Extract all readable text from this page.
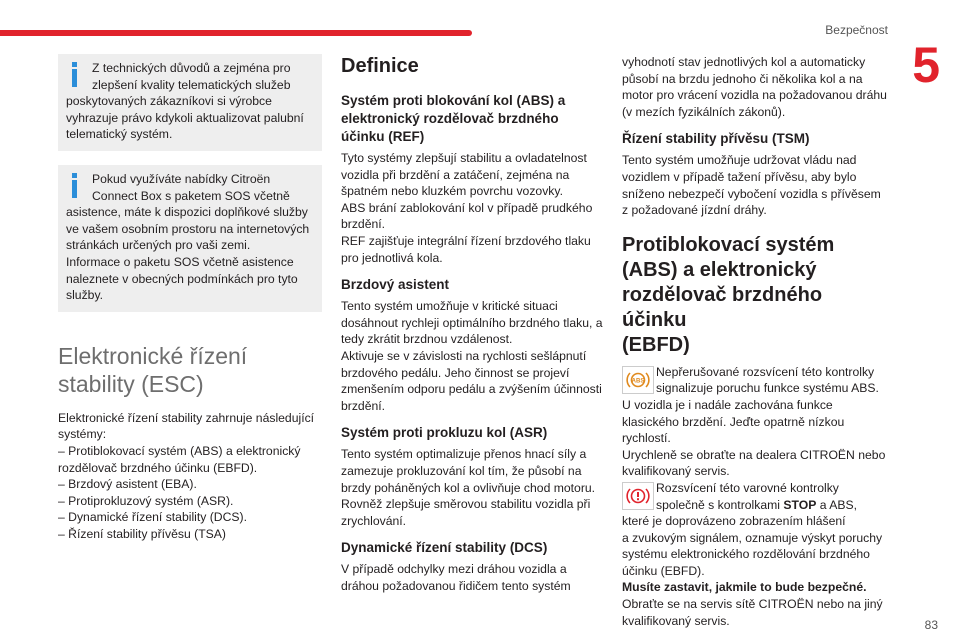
Bezpečnost
5
83

Z technických důvodů a zejména pro
zlepšení kvality telematických služeb
poskytovaných zákazníkovi si výrobce
vyhrazuje právo kdykoli aktualizovat palubní
telematický systém.

Pokud využíváte nabídky Citroën
Connect Box s paketem SOS včetně
asistence, máte k dispozici doplňkové služby
ve vašem osobním prostoru na internetových
stránkách určených pro vaši zemi.
Informace o paketu SOS včetně asistence
naleznete v obecných podmínkách pro tyto
služby.

Elektronické řízení
stability (ESC)

Elektronické řízení stability zahrnuje následující
systémy:
– Protiblokovací systém (ABS) a elektronický
rozdělovač brzdného účinku (EBFD).
– Brzdový asistent (EBA).
– Protiprokluzový systém (ASR).
– Dynamické řízení stability (DCS).
– Řízení stability přívěsu (TSA)

Definice
Systém proti blokování kol (ABS) a
elektronický rozdělovač brzdného
účinku (REF)

Tyto systémy zlepšují stabilitu a ovladatelnost
vozidla při brzdění a zatáčení, zejména na
špatném nebo kluzkém povrchu vozovky.
ABS brání zablokování kol v případě prudkého
brzdění.
REF zajišťuje integrální řízení brzdového tlaku
pro jednotlivá kola.

Brzdový asistent

Tento systém umožňuje v kritické situaci
dosáhnout rychleji optimálního brzdného tlaku, a
tedy zkrátit brzdnou vzdálenost.
Aktivuje se v závislosti na rychlosti sešlápnutí
brzdového pedálu. Jeho činnost se projeví
zmenšením odporu pedálu a zvýšením účinnosti
brzdění.

Systém proti prokluzu kol (ASR)

Tento systém optimalizuje přenos hnací síly a
zamezuje prokluzování kol tím, že působí na
brzdy poháněných kol a ovlivňuje chod motoru.
Rovněž zlepšuje směrovou stabilitu vozidla při
zrychlování.

Dynamické řízení stability (DCS)

V případě odchylky mezi dráhou vozidla a
dráhou požadovanou řidičem tento systém

vyhodnotí stav jednotlivých kol a automaticky
působí na brzdu jednoho či několika kol a na
motor pro vrácení vozidla na požadovanou dráhu
(v mezích fyzikálních zákonů).

Řízení stability přívěsu (TSM)

Tento systém umožňuje udržovat vládu nad
vozidlem v případě tažení přívěsu, aby bylo
sníženo nebezpečí vybočení vozidla s přívěsem
z požadované jízdní dráhy.

Protiblokovací systém
(ABS) a elektronický
rozdělovač brzdného účinku
(EBFD)
ABS

Nepřerušované rozsvícení této kontrolky
signalizuje poruchu funkce systému ABS.

U vozidla je i nadále zachována funkce
klasického brzdění. Jeďte opatrně nízkou
rychlostí.
Urychleně se obraťte na dealera CITROËN nebo
kvalifikovaný servis.

Rozsvícení této varovné kontrolky
společně s kontrolkami STOP a ABS,

které je doprovázeno zobrazením hlášení
a zvukovým signálem, oznamuje výskyt poruchy
systému elektronického rozdělování brzdného
účinku (EBFD).
Musíte zastavit, jakmile to bude bezpečné.
Obraťte se na servis sítě CITROËN nebo na jiný
kvalifikovaný servis.
